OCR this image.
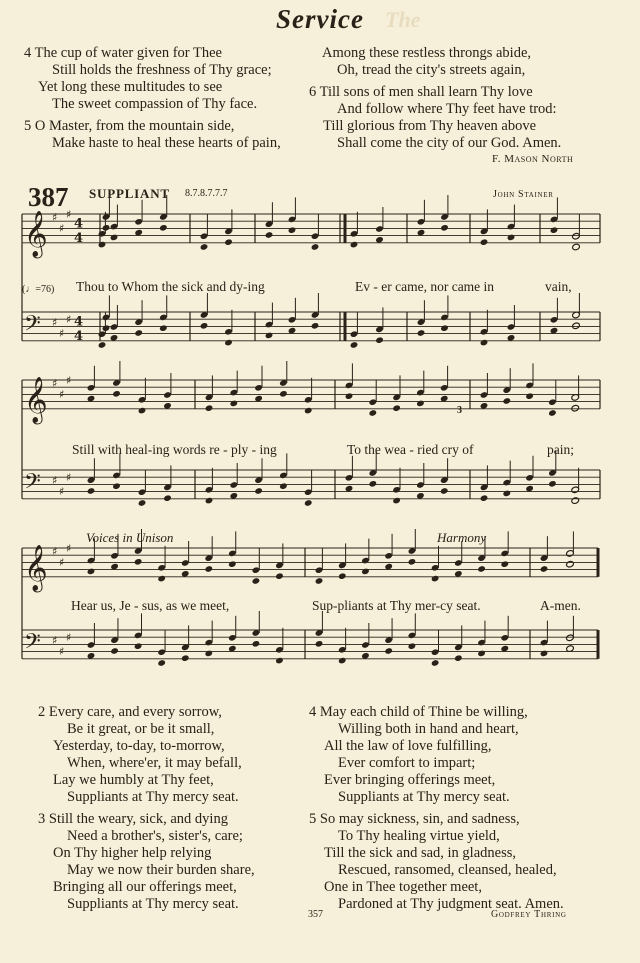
The
Service
4 The cup of water given for Thee
Still holds the freshness of Thy grace;
Yet long these multitudes to see
The sweet compassion of Thy face.
5 O Master, from the mountain side,
Make haste to heal these hearts of pain,
Among these restless throngs abide,
Oh, tread the city's streets again,
6 Till sons of men shall learn Thy love
And follow where Thy feet have trod:
Till glorious from Thy heaven above
Shall come the city of our God. Amen.
F. Mason North
387 SUPPLIANT 8.7.8.7.7.7	John Stainer
𝄞 ♯
♯
♯
4
4
𝄢 ♯
♯
♯ 4
4
𝄞 ♯
♯
♯
𝄢 ♯
♯
♯
𝄞 ♯
♯
♯
𝄢 ♯
♯
♯
(♩=76) Thou to Whom the sick and dy-ing	Ev - er came, nor came in	vain,
Still with heal-ing words re - ply - ing	To the wea - ried cry of	pain;
Voices in Unison	Harmony
3
Hear us, Je - sus, as we meet,	Sup-pliants at Thy mer-cy seat.	A-men.
2 Every care, and every sorrow,
Be it great, or be it small,
Yesterday, to-day, to-morrow,
When, where'er, it may befall,
Lay we humbly at Thy feet,
Suppliants at Thy mercy seat.
3 Still the weary, sick, and dying
Need a brother's, sister's, care;
On Thy higher help relying
May we now their burden share,
Bringing all our offerings meet,
Suppliants at Thy mercy seat.
4 May each child of Thine be willing,
Willing both in hand and heart,
All the law of love fulfilling,
Ever comfort to impart;
Ever bringing offerings meet,
Suppliants at Thy mercy seat.
5 So may sickness, sin, and sadness,
To Thy healing virtue yield,
Till the sick and sad, in gladness,
Rescued, ransomed, cleansed, healed,
One in Thee together meet,
Pardoned at Thy judgment seat. Amen.
357	Godfrey Thring
